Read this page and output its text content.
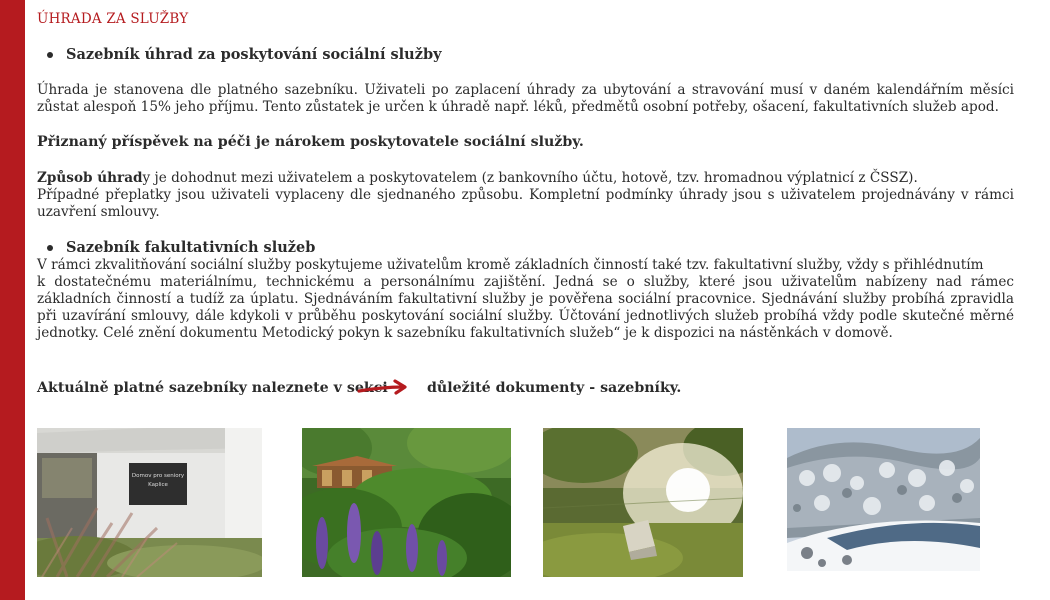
ÚHRADA ZA SLUŽBY
Sazebník úhrad za poskytování sociální služby
Úhrada je stanovena dle platného sazebníku. Uživateli po zaplacení úhrady za ubytování a stravování musí v daném kalendářním měsíci zůstat alespoň 15% jeho příjmu. Tento zůstatek je určen k úhradě např. léků, předmětů osobní potřeby, ošacení, fakultativních služeb apod.
Přiznaný příspěvek na péči je nárokem poskytovatele sociální služby.
Způsob úhrady je dohodnut mezi uživatelem a poskytovatelem (z bankovního účtu, hotově, tzv. hromadnou výplatnicí z ČSSZ).
Případné přeplatky jsou uživateli vyplaceny dle sjednaného způsobu. Kompletní podmínky úhrady jsou s uživatelem projednávány v rámci uzavření smlouvy.
Sazebník fakultativních služeb
V rámci zkvalitňování sociální služby poskytujeme uživatelům kromě základních činností také tzv. fakultativní služby, vždy s přihlédnutím
k dostatečnému materiálnímu, technickému a personálnímu zajištění. Jedná se o služby, které jsou uživatelům nabízeny nad rámec základních činností a tudíž za úplatu. Sjednáváním fakultativní služby je pověřena sociální pracovnice. Sjednávání služby probíhá zpravidla při uzavírání smlouvy, dále kdykoli v průběhu poskytování sociální služby. Účtování jednotlivých služeb probíhá vždy podle skutečné měrné jednotky. Celé znění dokumentu Metodický pokyn k sazebníku fakultativních služeb“ je k dispozici na nástěnkách v domově.
Aktuálně platné sazebníky naleznete v sekci	důležité dokumenty - sazebníky.
Domov pro seniory
Kaplice
